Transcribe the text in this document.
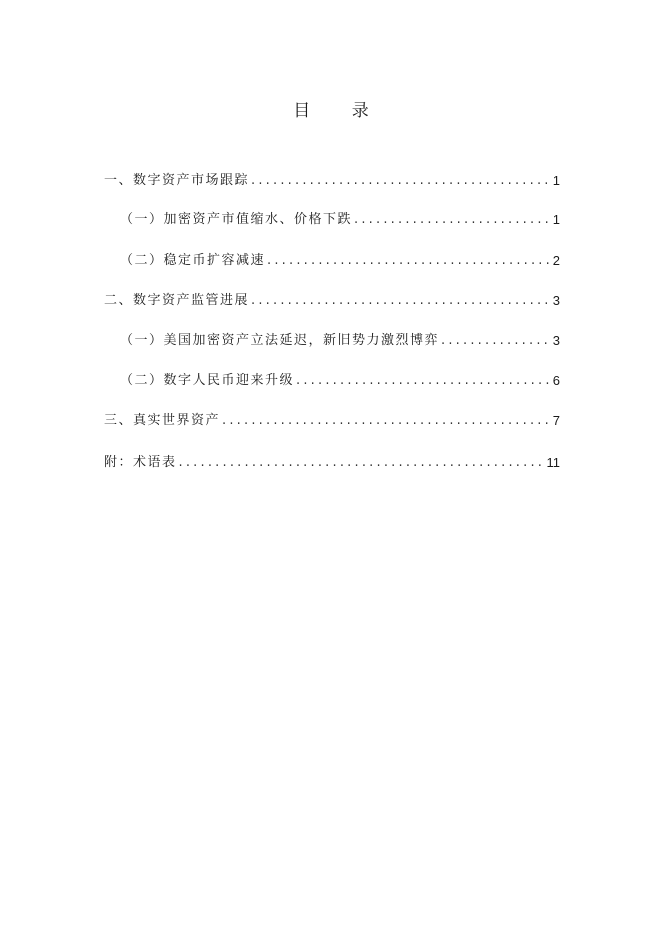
目 录
一、数字资产市场跟踪 .....	1
（一）加密资产市值缩水、价格下跌 .....	1
（二）稳定币扩容减速 .....	2
二、数字资产监管进展 .....	3
（一）美国加密资产立法延迟，新旧势力激烈博弈 .....	3
（二）数字人民币迎来升级 .....	6
三、真实世界资产 .....	7
附：术语表 .....	11
